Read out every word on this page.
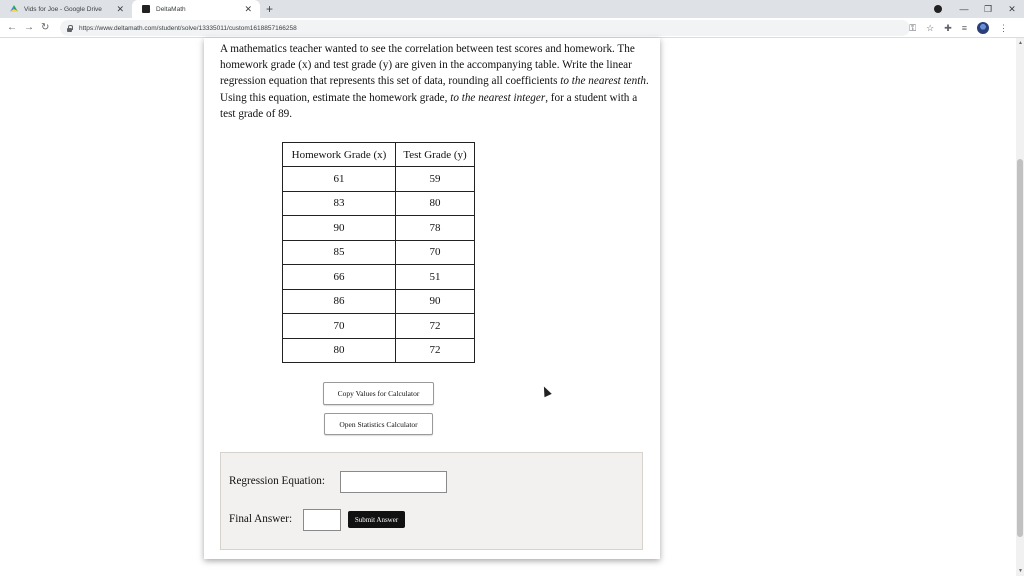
Vids for Joe - Google Drive ✕	DeltaMath	✕ +	—	❐	✕
← → ↻	https://www.deltamath.com/student/solve/13335011/custom1618857166258	⚿ ☆ ✚ ≡	⋮

A mathematics teacher wanted to see the correlation between test scores and homework. The homework grade (x) and test grade (y) are given in the accompanying table. Write the linear regression equation that represents this set of data, rounding all coefficients to the nearest tenth. Using this equation, estimate the homework grade, to the nearest integer, for a student with a test grade of 89.

Homework Grade (x)	Test Grade (y)
61	59
83	80
90	78
85	70
66	51
86	90
70	72
80	72
Copy Values for Calculator
Open Statistics Calculator
Regression Equation:
Final Answer:	Submit Answer
▲
▼
